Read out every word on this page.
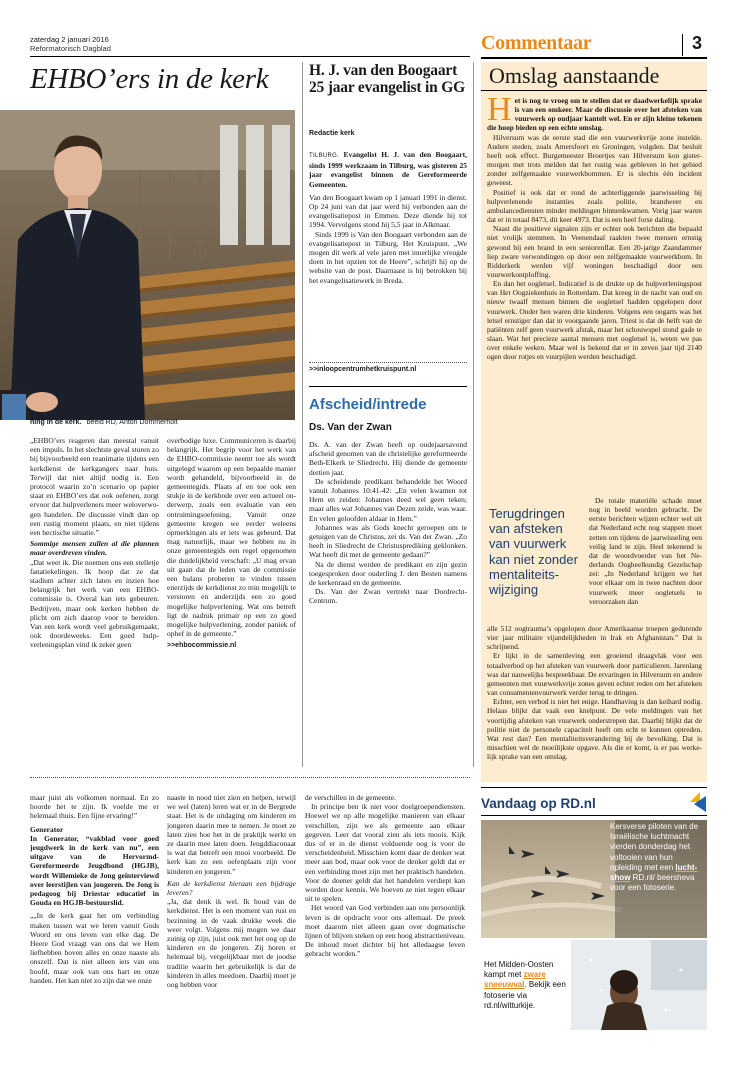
zaterdag 2 januari 2016
Reformatorisch Dagblad	Commentaar	3
EHBO’ers in de kerk
ning in de kerk. beeld RD, Anton Dommerholt

„EHBO’ers reageren dan meestal vanuit een impuls. In het slechtste geval sturen zo bij bijvoorbeeld een reanimatie tijdens een kerkdienst de kerkgangers naar huis. Terwijl dat niet altijd nodig is. Een protocol waarin zo’n scenario op papier staat en EHBO’ers dat ook oefenen, zorgt ervoor dat hulpverleners meer weloverwogen handelen. De discussie vindt dan op een rustig moment plaats, en niet tijdens een hectische situatie.”

Sommige mensen zullen al die plannen maar overdreven vinden.

„Dat weet ik. Die noemen ons een stelletje fanatiekelingen. Ik hoop dat ze dat stadium achter zich laten en inzien hoe belangrijk het werk van een EHBO-commissie is. Overal kan iets gebeuren. Bedrijven, maar ook kerken hebben de plicht om zich daarop voor te bereiden. Van een kerk wordt veel gebruikgemaakt, ook doordeweeks. Een goed hulpverleningsplan vind ik zeker geen

overbodige luxe. Communiceren is daarbij belangrijk. Het begrip voor het werk van de EHBO-commissie neemt toe als wordt uitgelegd waarom op een bepaalde manier wordt gehandeld, bijvoorbeeld in de gemeentegids. Plaats af en toe ook een stukje in de kerkbode over een actueel onderwerp, zoals een evaluatie van een ontruimingsoefening. Vanuit onze gemeente kregen we eerder weleens opmerkingen als er iets was gebeurd. Dat mag natuurlijk, maar we hebben nu in onze gemeentegids een regel opgenomen die duidelijkheid verschaft: „U mag ervan uit gaan dat de leden van de commissie een balans proberen te vinden tussen enerzijds de kerkdienst zo min mogelijk te verstoren en anderzijds een zo goed mogelijke hulpverlening. Wat ons betreft ligt de nadruk primair op een zo goed mogelijke hulpverlening, zonder paniek of ophef in de gemeente.”

>>ehbocommissie.nl

H. J. van den Boogaart 25 jaar evangelist in GG
Redactie kerk

TILBURG. Evangelist H. J. van den Boogaart, sinds 1999 werkzaam in Tilburg, was gisteren 25 jaar evangelist binnen de Gereformeerde Gemeenten.

Van den Boogaart kwam op 1 januari 1991 in dienst. Op 24 juni van dat jaar werd hij verbonden aan de evangelisatiepost in Emmen. Deze diende hij tot 1994. Vervolgens stond hij 5,5 jaar in Alkmaar.

Sinds 1999 is Van den Boogaart verbonden aan de evangelisatiepost in Tilburg, Het Kruispunt. „We mogen dit werk al vele jaren met innerlijke vreugde doen in het opzien tot de Heere”, schrijft hij op de website van de post. Daarnaast is hij betrokken bij het evangelisatiewerk in Breda.

>>inloopcentrumhetkruispunt.nl
Afscheid/intrede
Ds. Van der Zwan

Ds. A. van der Zwan heeft op oudejaarsavond afscheid genomen van de christelijke gereformeerde Beth-Elkerk te Sliedrecht. Hij diende de gemeente dertien jaar.

De scheidende predikant behandelde het Woord vanuit Johannes 10:41-42: „En velen kwamen tot Hem en zeiden: Johannes deed wel geen teken; maar alles wat Johannes van Dezen zeide, was waar. En velen geloofden aldaar in Hem.”

Johannes was als Gods knecht geroepen om te getuigen van de Christus, zei ds. Van der Zwan. „Zo heeft in Sliedrecht de Christusprediking geklonken. Wat heeft dit met de gemeente gedaan?”

Na de dienst werden de predikant en zijn gezin toegesproken door ouderling J. den Besten namens de kerkenraad en de gemeente.

Ds. Van der Zwan vertrekt naar Dordrecht-Centrum.

Omslag aanstaande

Het is nog te vroeg om te stellen dat er daadwerkelijk sprake is van een omkeer. Maar de discussie over het afsteken van vuurwerk op oudjaar kantelt wel. En er zijn kleine tekenen die hoop bieden op een echte omslag.

Hilversum was de eerste stad die een vuurwerkvrije zone instelde. Andere steden, zoals Amersfoort en Groningen, volgden. Dat besluit heeft ook effect. Burgemeester Broertjes van Hilversum kon gistermorgen met trots melden dat het rustig was gebleven in het gebied zonder zelfgemaakte vuurwerkbommen. Er is slechts één incident geweest.

Positief is ook dat er rond de achterliggende jaarwisseling bij hulpverlenende instanties zoals politie, brandweer en ambulancediensten minder meldingen binnenkwamen. Vorig jaar waren dat er in totaal 8473, dit keer 4973. Dat is een heel forse daling.

Naast die positieve signalen zijn er echter ook berichten die bepaald niet vrolijk stemmen. In Veenendaal raakten twee mensen ernstig gewond bij een brand in een seniorenflat. Een 20-jarige Zaandammer liep zware verwondingen op door een zelfgemaakte vuurwerkbom. In Ridderkerk werden vijf woningen beschadigd door een vuurwerkontploffing.

En dan het oogletsel. Indicatief is de drukte op de hulpverleningspost van Het Oogziekenhuis in Rotterdam. Dat kreeg in de nacht van oud en nieuw twaalf mensen binnen die oogletsel hadden opgelopen door vuurwerk. Onder hen waren drie kinderen. Volgens een oogarts was het letsel ernstiger dan dat in voorgaande jaren. Triest is dat de helft van de patiënten zelf geen vuurwerk afstak, maar het schouwspel stond gade te slaan. Wat het precieze aantal mensen met oogletsel is, weten we pas over enkele weken. Maar wel is bekend dat er in zeven jaar tijd 2140 ogen door rotjes en vuurpijlen werden beschadigd.

Terugdringen van afsteken van vuurwerk kan niet zonder mentaliteitswijziging

De totale materiële schade moet nog in beeld worden gebracht. De eerste berichten wijzen echter wel uit dat Nederland echt nog stappen moet zetten om tijdens de jaarwisseling een veilig land te zijn. Heel tekenend is dat de woordvoerder van het Nederlands Oogheelkundig Gezelschap zei: „In Nederland krijgen we het voor elkaar om in twee nachten door vuurwerk meer oogletsels te veroorzaken dan

alle 512 oogtrauma’s opgelopen door Amerikaanse troepen gedurende vier jaar militaire vijandelijkheden in Irak en Afghanistan.” Dat is schrijnend.

Er lijkt in de samenleving een groeiend draagvlak voor een totaalverbod op het afsteken van vuurwerk door particulieren. Jarenlang was dat nauwelijks bespreekbaar. De ervaringen in Hilversum en andere gemeenten met vuurwerkvrije zones geven echter reden om het afsteken van consumentenvuurwerk verder terug te dringen.

Echter, een verbod is niet het enige. Handhaving is dan keihard nodig. Helaas blijkt dat vaak een knelpunt. De vele meldingen van het voortijdig afsteken van vuurwerk onderstrepen dat. Daarbij blijkt dat de politie niet de personele capaciteit heeft om echt te kunnen optreden. Wat rest dan? Een mentaliteitsverandering bij de bevolking. Dat is misschien wel de moeilijkste opgave. Als die er komt, is er pas werkelijk sprake van een omslag.

maar juist als volkomen normaal. En zo hoorde het te zijn. Ik voelde me er helemaal thuis. Een fijne ervaring!”

Generator

In Generator, “vakblad voor goed jeugdwerk in de kerk van nu”, een uitgave van de Hervormd-Gereformeerde Jeugdbond (HGJB), wordt Willemieke de Jong geïnterviewd over leerstijlen van jongeren. De Jong is pedagoog bij Driestar educatief in Gouda en HGJB-bestuurslid.

„„In de kerk gaat het om verbinding maken tussen wat we leren vanuit Gods Woord en ons leven van elke dag. De Heere God vraagt van ons dat we Hem liefhebben boven alles en onze naaste als onszelf. Dat is niet alleen iets van ons hoofd, maar ook van ons hart en onze handen. Het kan niet zo zijn dat we onze

naaste in nood niet zien en helpen, terwijl we wel (laten) leren wat er in de Bergrede staat. Het is de uitdaging om kinderen en jongeren daarin mee te nemen. Je moet ze laten zien hoe het in de praktijk werkt en ze daarin mee laten doen. Jeugddiaconaat is wat dat betreft een mooi voorbeeld. De kerk kan zo een oefenplaats zijn voor kinderen en jongeren.”

Kan de kerkdienst hieraan een bijdrage leveren?

„Ja, dat denk ik wel. Ik houd van de kerkdienst. Het is een moment van rust en bezinning in de vaak drukke week die weer volgt. Volgens mij mogen we daar zuinig op zijn, juist ook met het oog op de kinderen en de jongeren. Zij horen er helemaal bij, vergelijkbaar met de joodse traditie waarin het gebruikelijk is dat de kinderen in alles meedoen. Daarbij moet je oog hebben voor

de verschillen in de gemeente.

In principe ben ik niet voor doelgroependiensten. Hoewel we op alle mogelijke manieren van elkaar verschillen, zijn we als gemeente aan elkaar gegeven. Leer dat vooral zien als iets moois. Kijk dus of er in de dienst voldoende oog is voor de verscheidenheid. Misschien komt daar de denker wat meer aan bod, maar ook voor de denker geldt dat er een verbinding moet zijn met het praktisch handelen. Voor de doener geldt dat het handelen verdiept kan worden door kennis. We hoeven ze niet tegen elkaar uit te spelen.

Het woord van God verbinden aan ons persoonlijk leven is de opdracht voor ons allemaal. De preek moet daarom niet alleen gaan over dogmatische lijnen of blijven steken op een hoog abstractieniveau. De inhoud moet dichter bij het alledaagse leven gebracht worden.”

Vandaag op RD.nl
Kersverse piloten van de Israëlische luchtmacht vierden donderdag het voltooien van hun opleiding met een luchtshow RD.nl/ beersheva voor een fotoserie.
Het Midden-Oosten kampt met zware sneeuwval. Bekijk een fotoserie via rd.nl/witturkije.
